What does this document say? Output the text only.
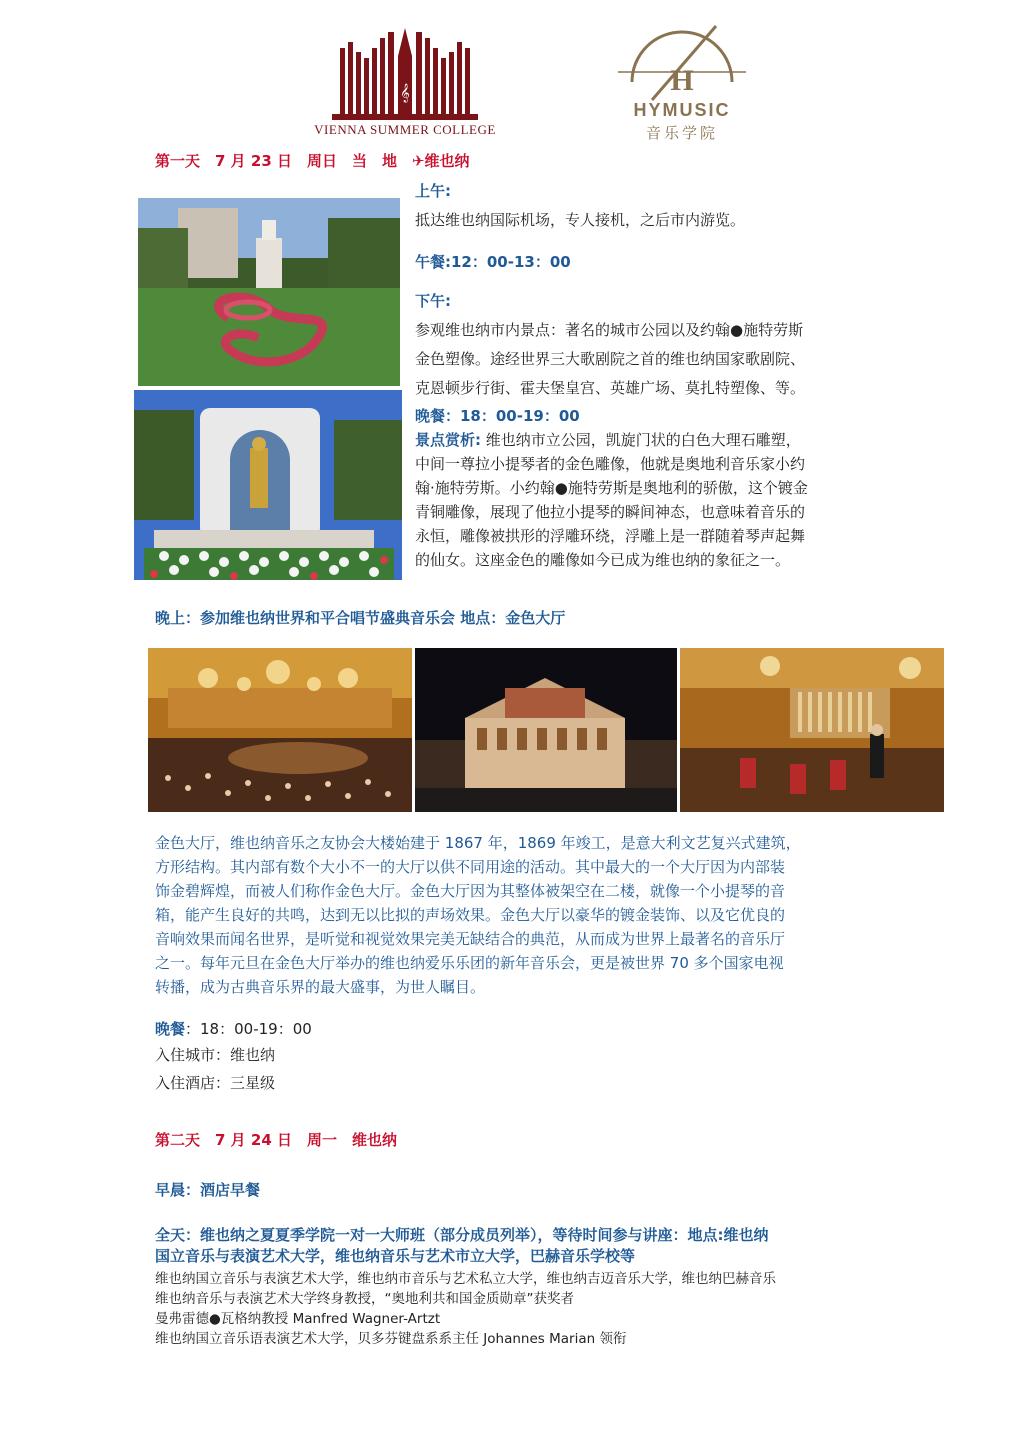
𝄞
VIENNA SUMMER COLLEGE
H
HYMUSIC
音乐学院
第一天　7 月 23 日　周日　当　地　✈维也纳
上午:
抵达维也纳国际机场，专人接机，之后市内游览。
午餐:12：00-13：00
下午:
参观维也纳市内景点：著名的城市公园以及约翰●施特劳斯
金色塑像。途经世界三大歌剧院之首的维也纳国家歌剧院、
克恩顿步行街、霍夫堡皇宫、英雄广场、莫扎特塑像、等。
晚餐：18：00-19：00
景点赏析: 维也纳市立公园，凯旋门状的白色大理石雕塑，
中间一尊拉小提琴者的金色雕像，他就是奥地利音乐家小约
翰·施特劳斯。小约翰●施特劳斯是奥地利的骄傲，这个镀金
青铜雕像，展现了他拉小提琴的瞬间神态，也意味着音乐的
永恒，雕像被拱形的浮雕环绕，浮雕上是一群随着琴声起舞
的仙女。这座金色的雕像如今已成为维也纳的象征之一。
晚上：参加维也纳世界和平合唱节盛典音乐会 地点：金色大厅
金色大厅，维也纳音乐之友协会大楼始建于 1867 年，1869 年竣工，是意大利文艺复兴式建筑，
方形结构。其内部有数个大小不一的大厅以供不同用途的活动。其中最大的一个大厅因为内部装
饰金碧辉煌，而被人们称作金色大厅。金色大厅因为其整体被架空在二楼，就像一个小提琴的音
箱，能产生良好的共鸣，达到无以比拟的声场效果。金色大厅以豪华的镀金装饰、以及它优良的
音响效果而闻名世界，是听觉和视觉效果完美无缺结合的典范，从而成为世界上最著名的音乐厅
之一。每年元旦在金色大厅举办的维也纳爱乐乐团的新年音乐会，更是被世界 70 多个国家电视
转播，成为古典音乐界的最大盛事，为世人瞩目。
晚餐：18：00-19：00
入住城市：维也纳
入住酒店：三星级
第二天　7 月 24 日　周一　维也纳
早晨：酒店早餐
全天：维也纳之夏夏季学院一对一大师班（部分成员列举），等待时间参与讲座：地点:维也纳
国立音乐与表演艺术大学，维也纳音乐与艺术市立大学，巴赫音乐学校等
维也纳国立音乐与表演艺术大学，维也纳市音乐与艺术私立大学，维也纳吉迈音乐大学，维也纳巴赫音乐
维也纳音乐与表演艺术大学终身教授，“奥地利共和国金质勋章”获奖者
曼弗雷德●瓦格纳教授 Manfred Wagner-Artzt
维也纳国立音乐语表演艺术大学，贝多芬键盘系系主任 Johannes Marian 领衔
